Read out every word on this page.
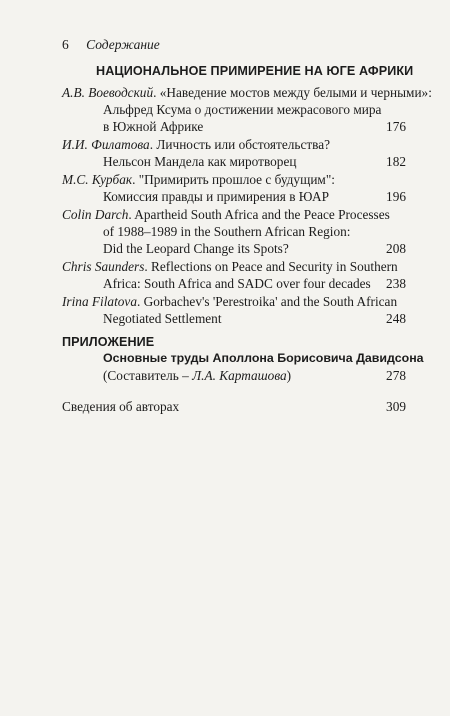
6 Содержание
НАЦИОНАЛЬНОЕ ПРИМИРЕНИЕ НА ЮГЕ АФРИКИ
А.В. Воеводский. «Наведение мостов между белыми и черными»:
Альфред Ксума о достижении межрасового мира
в Южной Африке	176
И.И. Филатова. Личность или обстоятельства?
Нельсон Мандела как миротворец	182
М.С. Курбак. "Примирить прошлое с будущим":
Комиссия правды и примирения в ЮАР	196
Colin Darch. Apartheid South Africa and the Peace Processes
of 1988–1989 in the Southern African Region:
Did the Leopard Change its Spots?	208
Chris Saunders. Reflections on Peace and Security in Southern
Africa: South Africa and SADC over four decades 238
Irina Filatova. Gorbachev's 'Perestroika' and the South African
Negotiated Settlement	248
ПРИЛОЖЕНИЕ
Основные труды Аполлона Борисовича Давидсона
(Составитель – Л.А. Карташова)	278
Сведения об авторах	309
